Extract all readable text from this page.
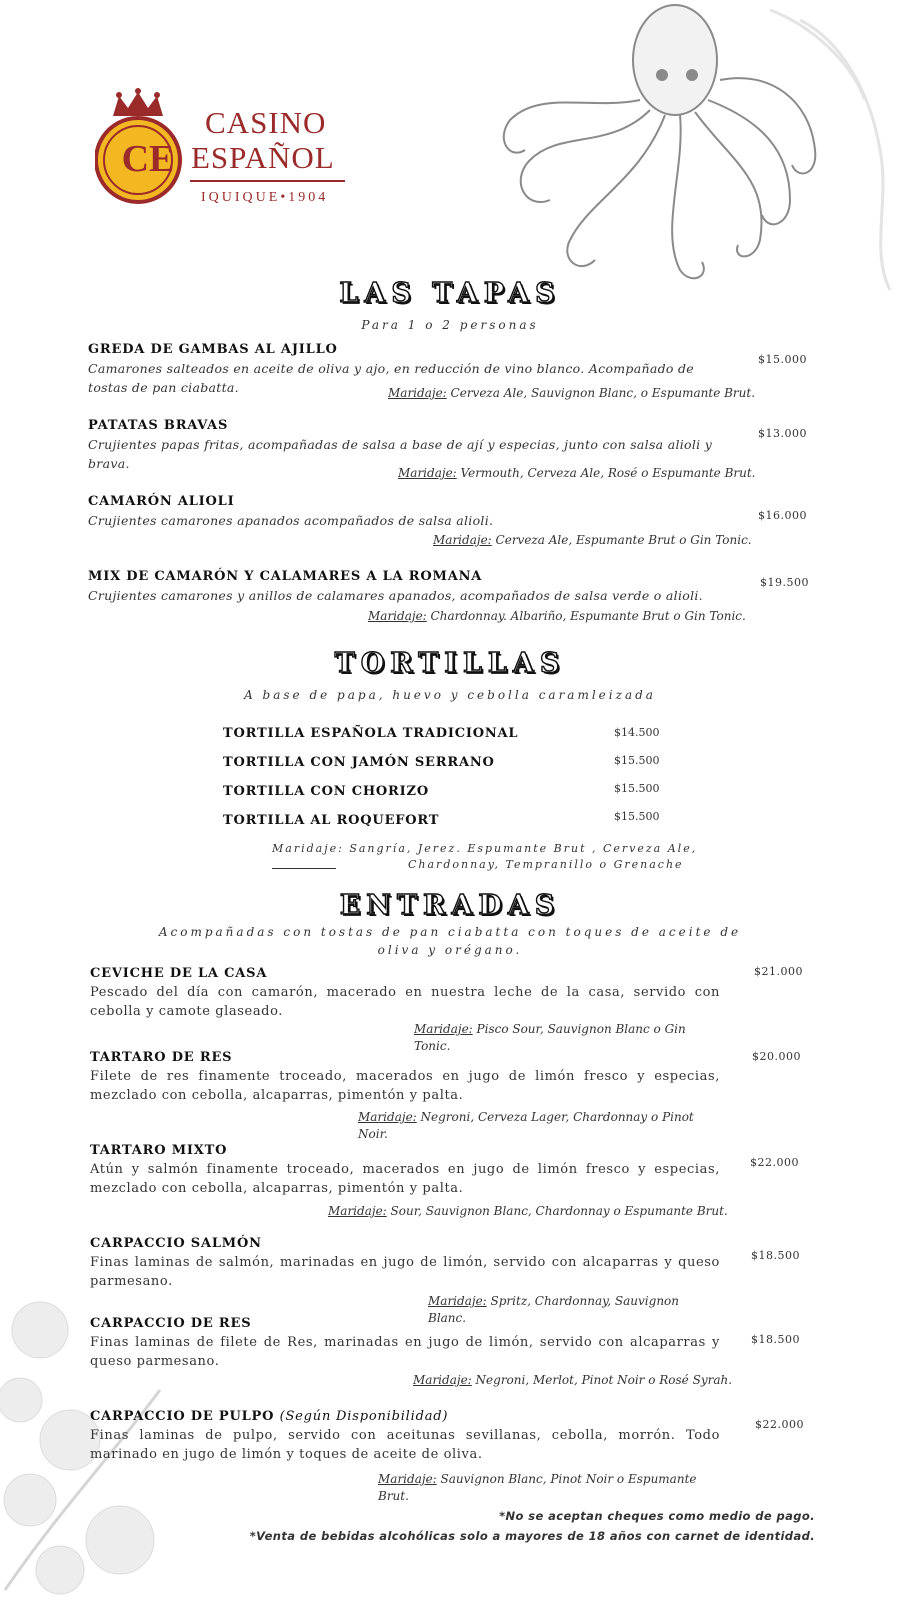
CE
CASINO
ESPAÑOL
IQUIQUE•1904
LAS TAPAS
Para 1 o 2 personas
GREDA DE GAMBAS AL AJILLO
Camarones salteados en aceite de oliva y ajo, en reducción de vino blanco. Acompañado de tostas de pan ciabatta.	Maridaje: Cerveza Ale, Sauvignon Blanc, o Espumante Brut.
$15.000
PATATAS BRAVAS
Crujientes papas fritas, acompañadas de salsa a base de ají y especias, junto con salsa alioli y brava.
Maridaje: Vermouth, Cerveza Ale, Rosé o Espumante Brut.
$13.000
CAMARÓN ALIOLI
Crujientes camarones apanados acompañados de salsa alioli.
Maridaje: Cerveza Ale, Espumante Brut o Gin Tonic.
$16.000
MIX DE CAMARÓN Y CALAMARES A LA ROMANA
Crujientes camarones y anillos de calamares apanados, acompañados de salsa verde o alioli.
Maridaje: Chardonnay. Albariño, Espumante Brut o Gin Tonic.
$19.500
TORTILLAS
A base de papa, huevo y cebolla caramleizada
TORTILLA ESPAÑOLA TRADICIONAL	$14.500
TORTILLA CON JAMÓN SERRANO	$15.500
TORTILLA CON CHORIZO	$15.500
TORTILLA AL ROQUEFORT	$15.500
Maridaje: Sangría, Jerez. Espumante Brut , Cerveza Ale,
Chardonnay, Tempranillo o Grenache
ENTRADAS
Acompañadas con tostas de pan ciabatta con toques de aceite de
oliva y orégano.
CEVICHE DE LA CASA
Pescado del día con camarón, macerado en nuestra leche de la casa, servido con cebolla y camote glaseado.
Maridaje: Pisco Sour, Sauvignon Blanc o Gin Tonic.
$21.000
TARTARO DE RES
Filete de res finamente troceado, macerados en jugo de limón fresco y especias, mezclado con cebolla, alcaparras, pimentón y palta.
Maridaje: Negroni, Cerveza Lager, Chardonnay o Pinot Noir.
$20.000
TARTARO MIXTO
Atún y salmón finamente troceado, macerados en jugo de limón fresco y especias, mezclado con cebolla, alcaparras, pimentón y palta.
Maridaje: Sour, Sauvignon Blanc, Chardonnay o Espumante Brut.
$22.000
CARPACCIO SALMÓN
Finas laminas de salmón, marinadas en jugo de limón, servido con alcaparras y queso parmesano.
Maridaje: Spritz, Chardonnay, Sauvignon Blanc.
$18.500
CARPACCIO DE RES
Finas laminas de filete de Res, marinadas en jugo de limón, servido con alcaparras y queso parmesano.
Maridaje: Negroni, Merlot, Pinot Noir o Rosé Syrah.
$18.500
CARPACCIO DE PULPO (Según Disponibilidad)
Finas laminas de pulpo, servido con aceitunas sevillanas, cebolla, morrón. Todo marinado en jugo de limón y toques de aceite de oliva.
Maridaje: Sauvignon Blanc, Pinot Noir o Espumante Brut.
$22.000
*No se aceptan cheques como medio de pago.
*Venta de bebidas alcohólicas solo a mayores de 18 años con carnet de identidad.
